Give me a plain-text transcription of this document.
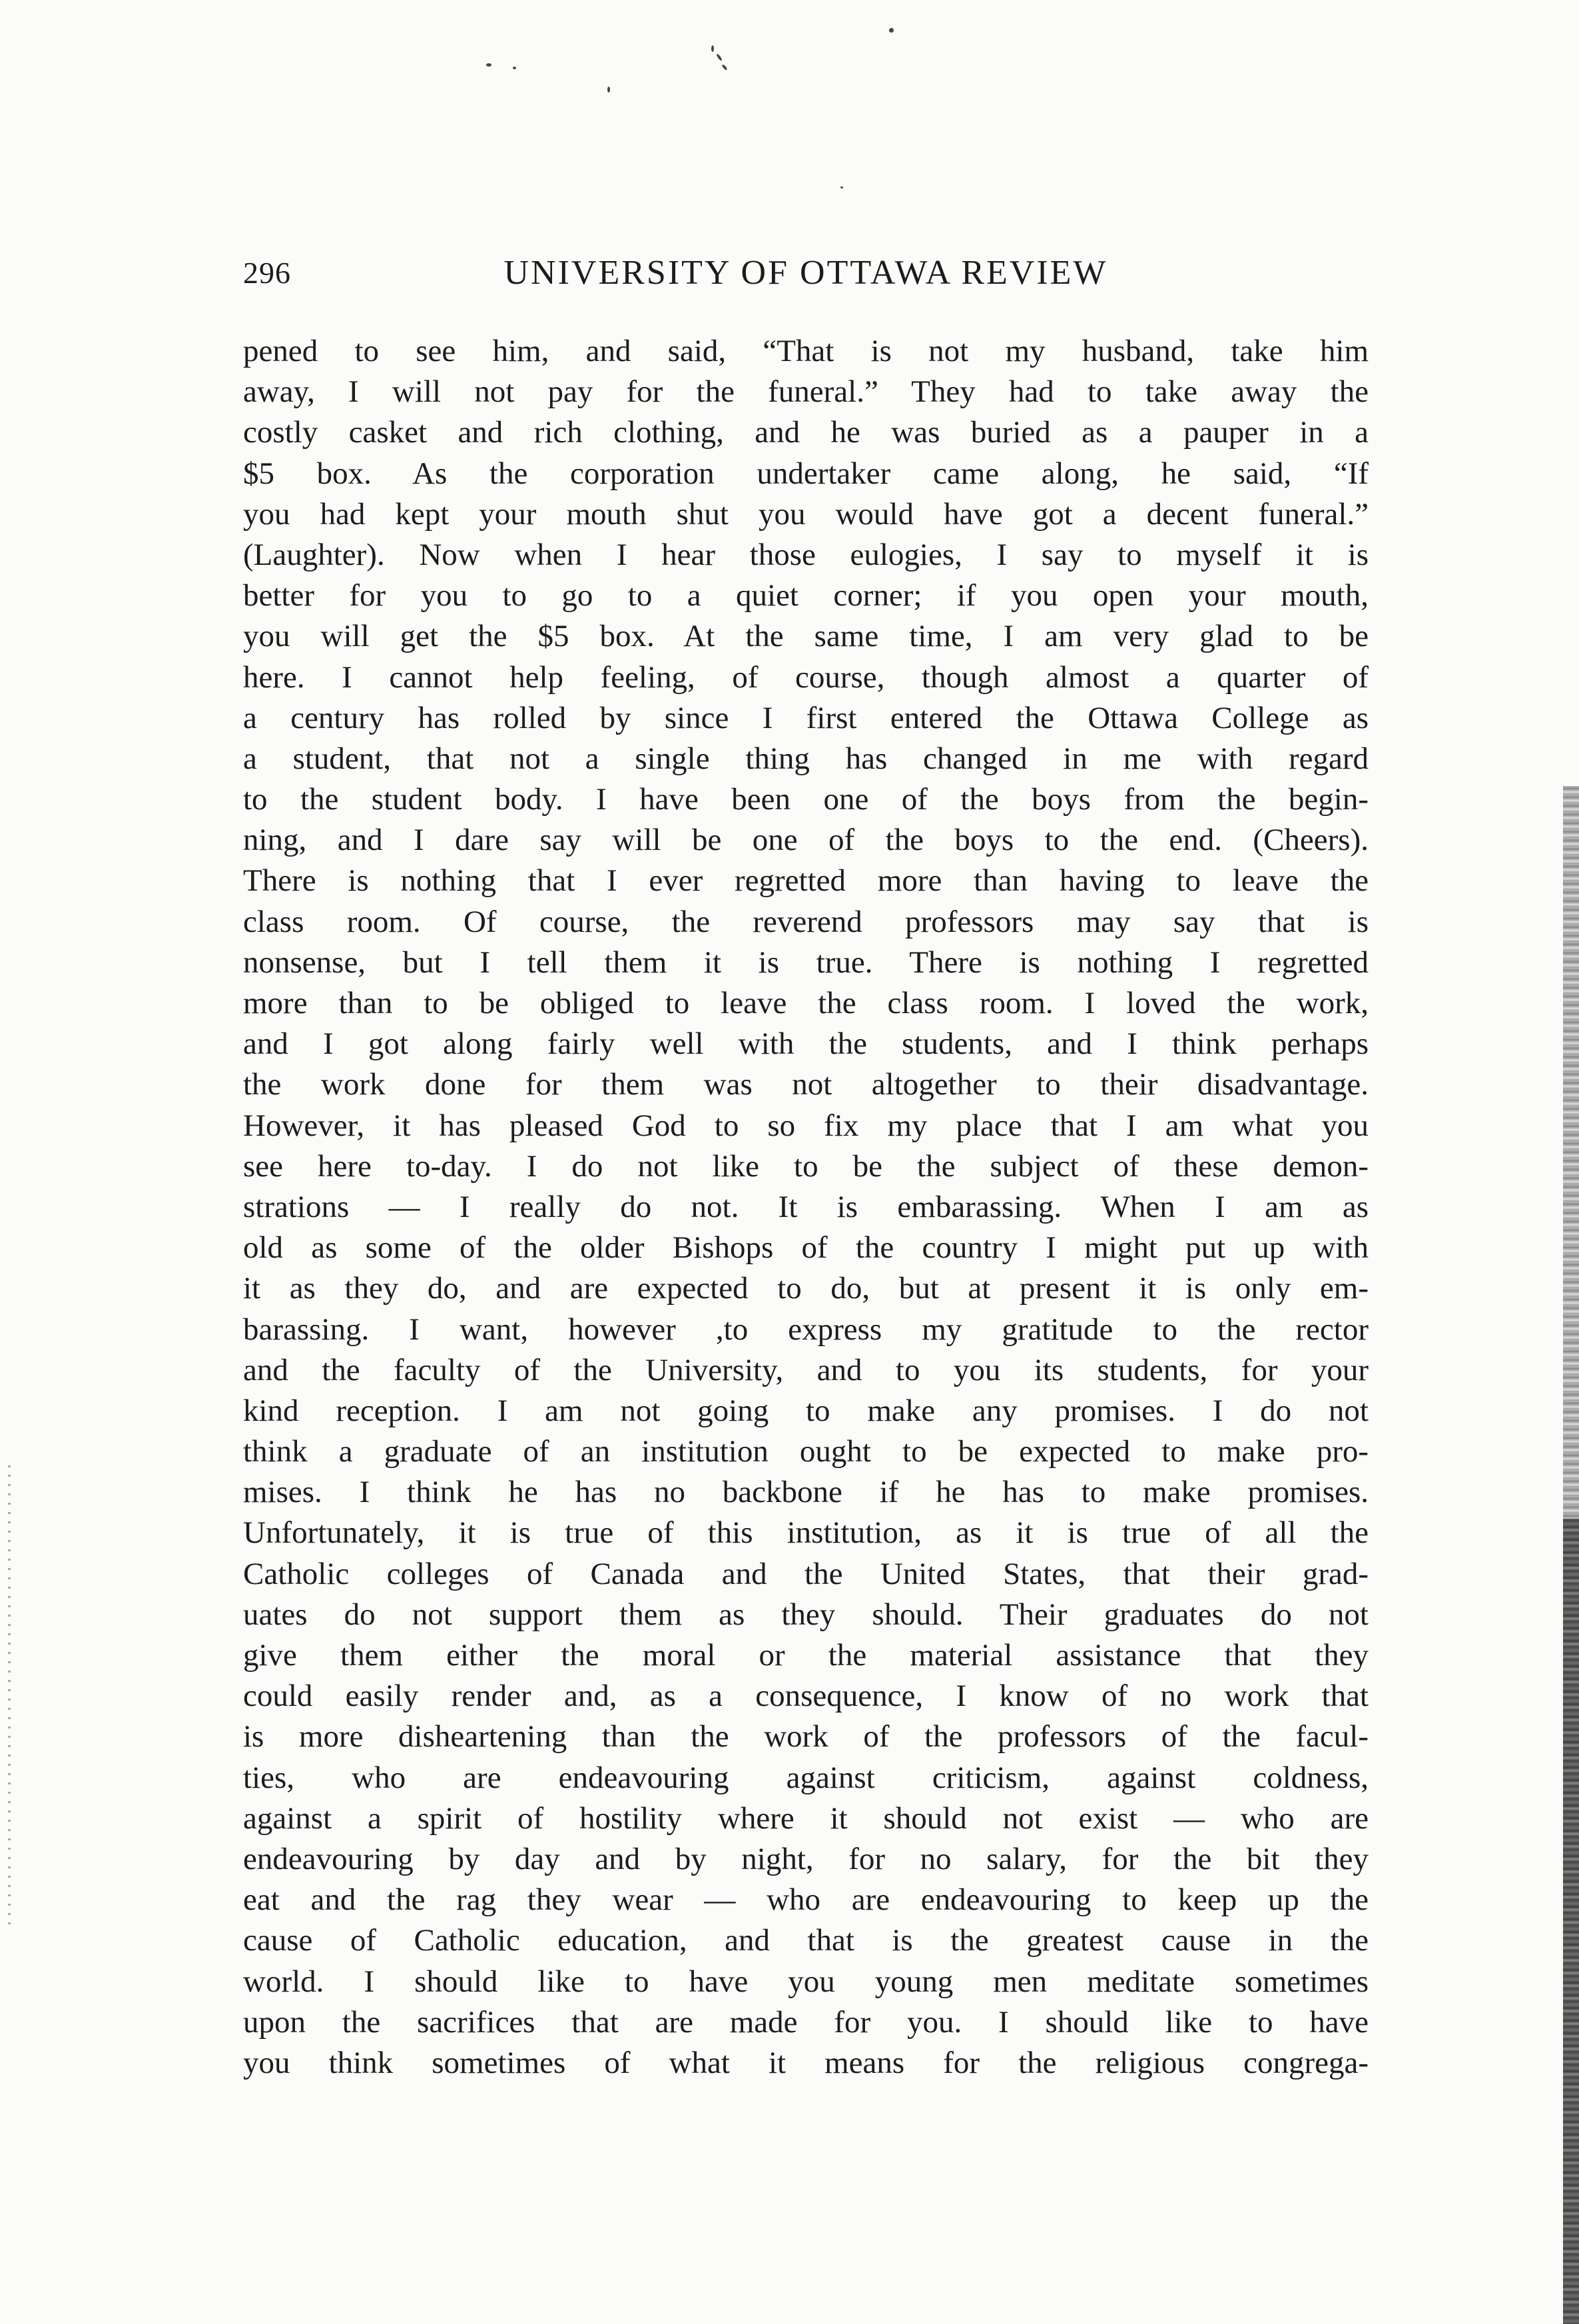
296	UNIVERSITY OF OTTAWA REVIEW
pened to see him, and said, “That is not my husband, take him
away, I will not pay for the funeral.” They had to take away the
costly casket and rich clothing, and he was buried as a pauper in a
$5 box. As the corporation undertaker came along, he said, “If
you had kept your mouth shut you would have got a decent funeral.”
(Laughter). Now when I hear those eulogies, I say to myself it is
better for you to go to a quiet corner; if you open your mouth,
you will get the $5 box. At the same time, I am very glad to be
here. I cannot help feeling, of course, though almost a quarter of
a century has rolled by since I first entered the Ottawa College as
a student, that not a single thing has changed in me with regard
to the student body. I have been one of the boys from the begin-
ning, and I dare say will be one of the boys to the end. (Cheers).
There is nothing that I ever regretted more than having to leave the
class room. Of course, the reverend professors may say that is
nonsense, but I tell them it is true. There is nothing I regretted
more than to be obliged to leave the class room. I loved the work,
and I got along fairly well with the students, and I think perhaps
the work done for them was not altogether to their disadvantage.
However, it has pleased God to so fix my place that I am what you
see here to-day. I do not like to be the subject of these demon-
strations — I really do not. It is embarassing. When I am as
old as some of the older Bishops of the country I might put up with
it as they do, and are expected to do, but at present it is only em-
barassing. I want, however ,to express my gratitude to the rector
and the faculty of the University, and to you its students, for your
kind reception. I am not going to make any promises. I do not
think a graduate of an institution ought to be expected to make pro-
mises. I think he has no backbone if he has to make promises.
Unfortunately, it is true of this institution, as it is true of all the
Catholic colleges of Canada and the United States, that their grad-
uates do not support them as they should. Their graduates do not
give them either the moral or the material assistance that they
could easily render and, as a consequence, I know of no work that
is more disheartening than the work of the professors of the facul-
ties, who are endeavouring against criticism, against coldness,
against a spirit of hostility where it should not exist — who are
endeavouring by day and by night, for no salary, for the bit they
eat and the rag they wear — who are endeavouring to keep up the
cause of Catholic education, and that is the greatest cause in the
world. I should like to have you young men meditate sometimes
upon the sacrifices that are made for you. I should like to have
you think sometimes of what it means for the religious congrega-
